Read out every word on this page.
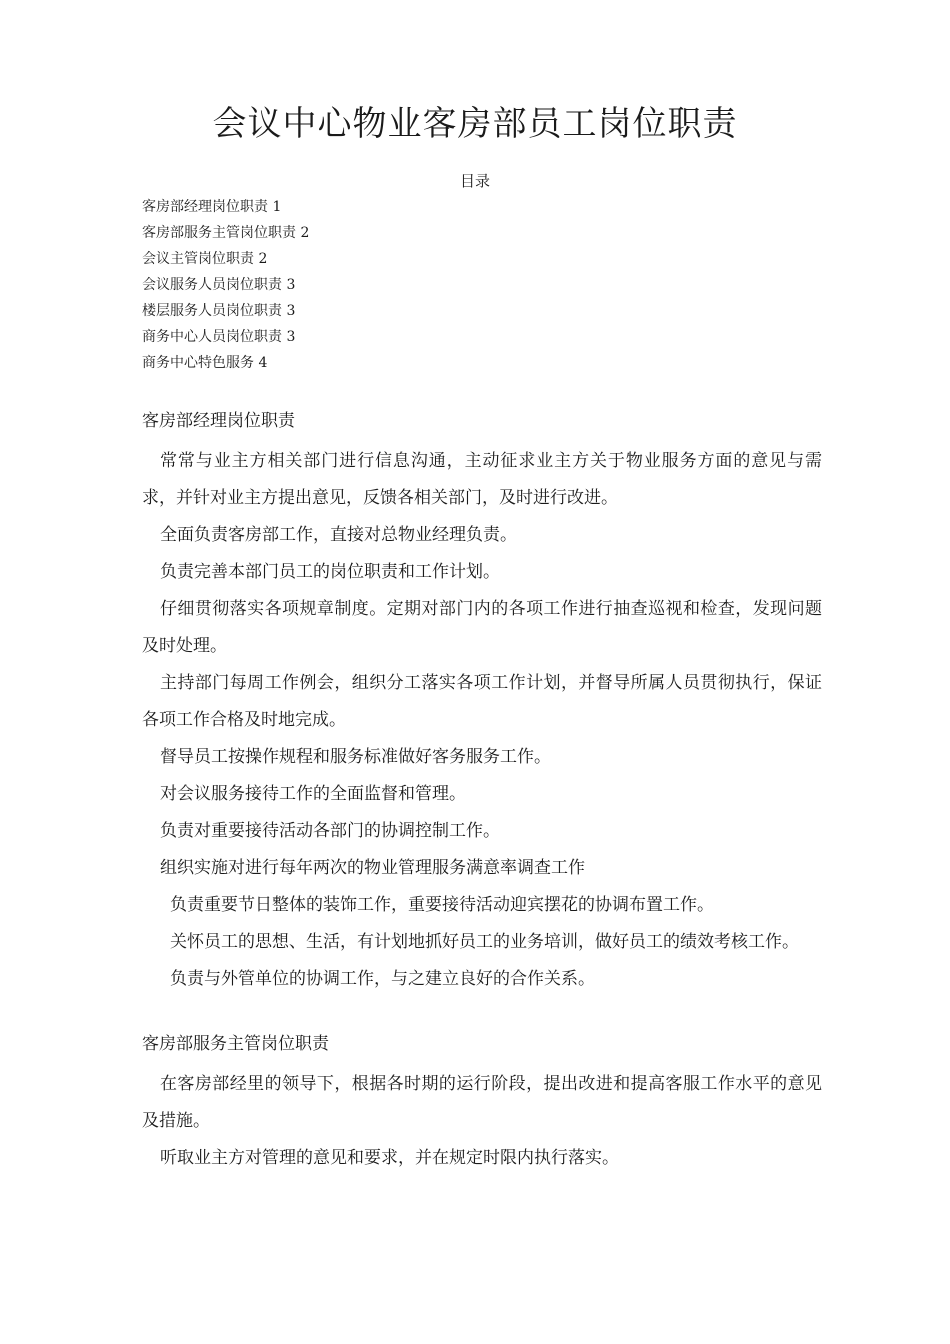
会议中心物业客房部员工岗位职责
目录
客房部经理岗位职责 1
客房部服务主管岗位职责 2
会议主管岗位职责 2
会议服务人员岗位职责 3
楼层服务人员岗位职责 3
商务中心人员岗位职责 3
商务中心特色服务 4
客房部经理岗位职责

常常与业主方相关部门进行信息沟通，主动征求业主方关于物业服务方面的意见与需求，并针对业主方提出意见，反馈各相关部门，及时进行改进。

全面负责客房部工作，直接对总物业经理负责。

负责完善本部门员工的岗位职责和工作计划。

仔细贯彻落实各项规章制度。定期对部门内的各项工作进行抽查巡视和检查，发现问题及时处理。

主持部门每周工作例会，组织分工落实各项工作计划，并督导所属人员贯彻执行，保证各项工作合格及时地完成。

督导员工按操作规程和服务标准做好客务服务工作。

对会议服务接待工作的全面监督和管理。

负责对重要接待活动各部门的协调控制工作。

组织实施对进行每年两次的物业管理服务满意率调查工作

负责重要节日整体的装饰工作，重要接待活动迎宾摆花的协调布置工作。

关怀员工的思想、生活，有计划地抓好员工的业务培训，做好员工的绩效考核工作。

负责与外管单位的协调工作，与之建立良好的合作关系。

客房部服务主管岗位职责

在客房部经里的领导下，根据各时期的运行阶段，提出改进和提高客服工作水平的意见及措施。

听取业主方对管理的意见和要求，并在规定时限内执行落实。
